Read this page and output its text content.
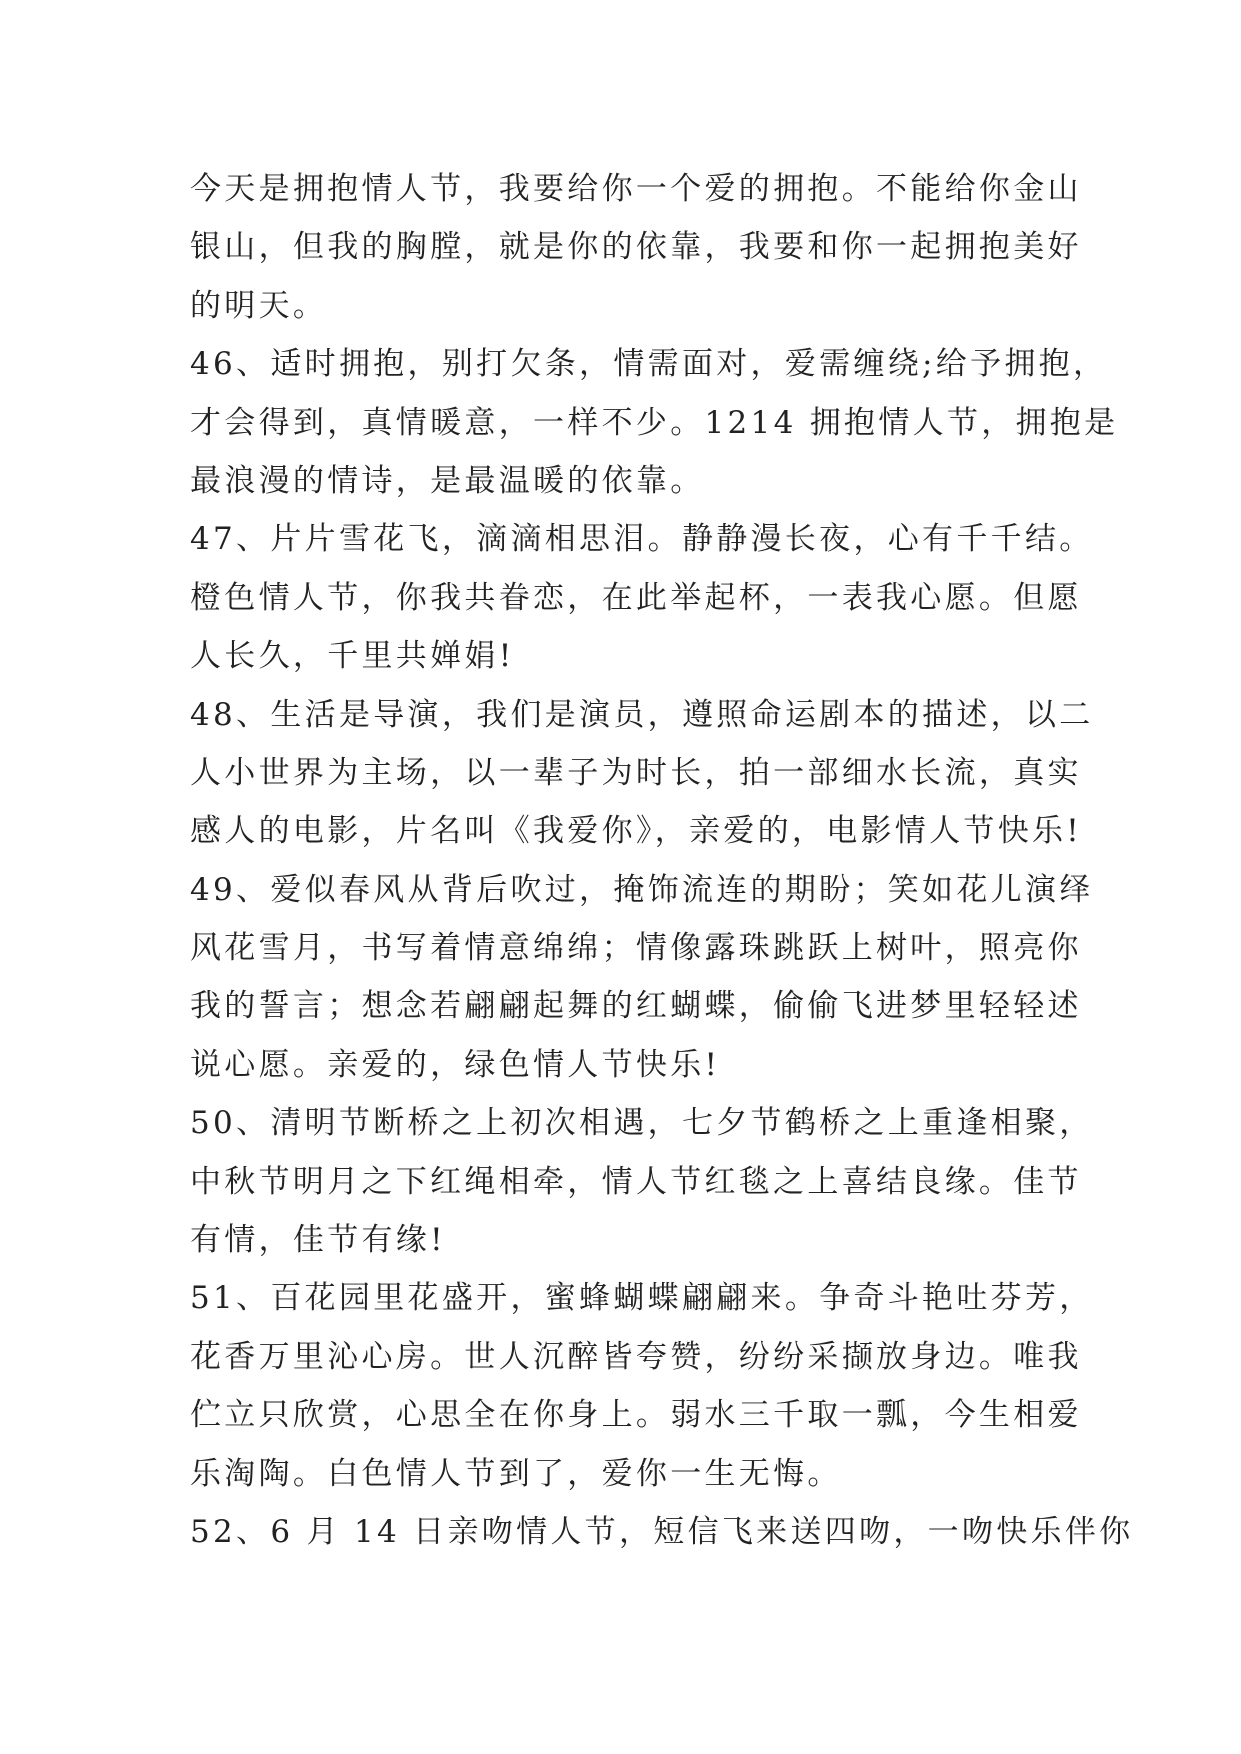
今天是拥抱情人节，我要给你一个爱的拥抱。不能给你金山
银山，但我的胸膛，就是你的依靠，我要和你一起拥抱美好
的明天。
46、适时拥抱，别打欠条，情需面对，爱需缠绕;给予拥抱，
才会得到，真情暖意，一样不少。1214 拥抱情人节，拥抱是
最浪漫的情诗，是最温暖的依靠。
47、片片雪花飞，滴滴相思泪。静静漫长夜，心有千千结。
橙色情人节，你我共眷恋，在此举起杯，一表我心愿。但愿
人长久，千里共婵娟!
48、生活是导演，我们是演员，遵照命运剧本的描述，以二
人小世界为主场，以一辈子为时长，拍一部细水长流，真实
感人的电影，片名叫《我爱你》，亲爱的，电影情人节快乐!
49、爱似春风从背后吹过，掩饰流连的期盼；笑如花儿演绎
风花雪月，书写着情意绵绵；情像露珠跳跃上树叶，照亮你
我的誓言；想念若翩翩起舞的红蝴蝶，偷偷飞进梦里轻轻述
说心愿。亲爱的，绿色情人节快乐!
50、清明节断桥之上初次相遇，七夕节鹤桥之上重逢相聚，
中秋节明月之下红绳相牵，情人节红毯之上喜结良缘。佳节
有情，佳节有缘!
51、百花园里花盛开，蜜蜂蝴蝶翩翩来。争奇斗艳吐芬芳，
花香万里沁心房。世人沉醉皆夸赞，纷纷采撷放身边。唯我
伫立只欣赏，心思全在你身上。弱水三千取一瓢，今生相爱
乐淘陶。白色情人节到了，爱你一生无悔。
52、6 月 14 日亲吻情人节，短信飞来送四吻，一吻快乐伴你
